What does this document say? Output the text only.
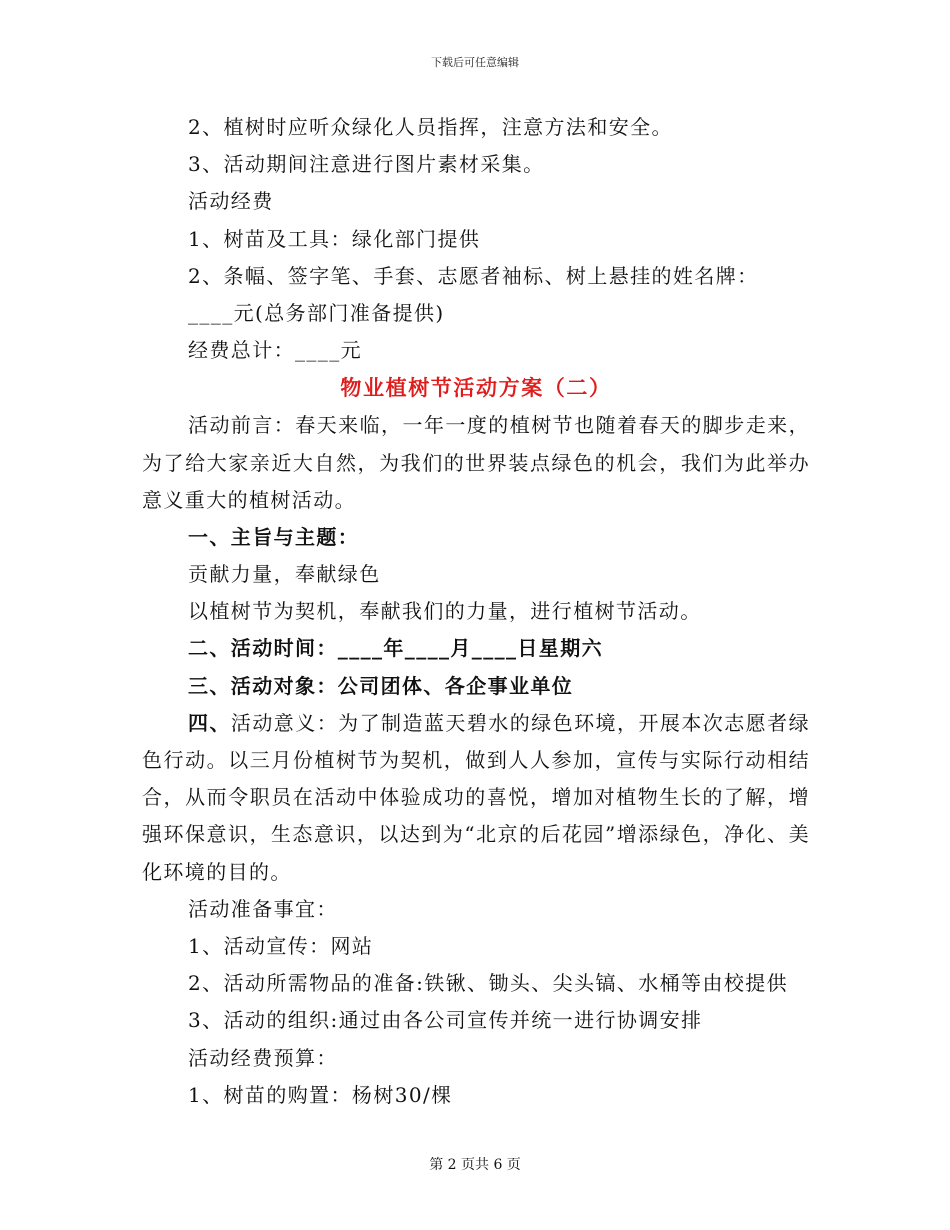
下载后可任意编辑
2、植树时应听众绿化人员指挥，注意方法和安全。
3、活动期间注意进行图片素材采集。
活动经费
1、树苗及工具：绿化部门提供
2、条幅、签字笔、手套、志愿者袖标、树上悬挂的姓名牌：
____元(总务部门准备提供)
经费总计：____元
物业植树节活动方案（二）
活动前言：春天来临，一年一度的植树节也随着春天的脚步走来，为了给大家亲近大自然，为我们的世界装点绿色的机会，我们为此举办意义重大的植树活动。
一、主旨与主题：
贡献力量，奉献绿色
以植树节为契机，奉献我们的力量，进行植树节活动。
二、活动时间：____年____月____日星期六
三、活动对象：公司团体、各企事业单位
四、活动意义：为了制造蓝天碧水的绿色环境，开展本次志愿者绿色行动。以三月份植树节为契机，做到人人参加，宣传与实际行动相结合，从而令职员在活动中体验成功的喜悦，增加对植物生长的了解，增强环保意识，生态意识，以达到为“北京的后花园”增添绿色，净化、美化环境的目的。
活动准备事宜：
1、活动宣传：网站
2、活动所需物品的准备:铁锹、锄头、尖头镐、水桶等由校提供
3、活动的组织:通过由各公司宣传并统一进行协调安排
活动经费预算：
1、树苗的购置：杨树30/棵
第 2 页共 6 页
